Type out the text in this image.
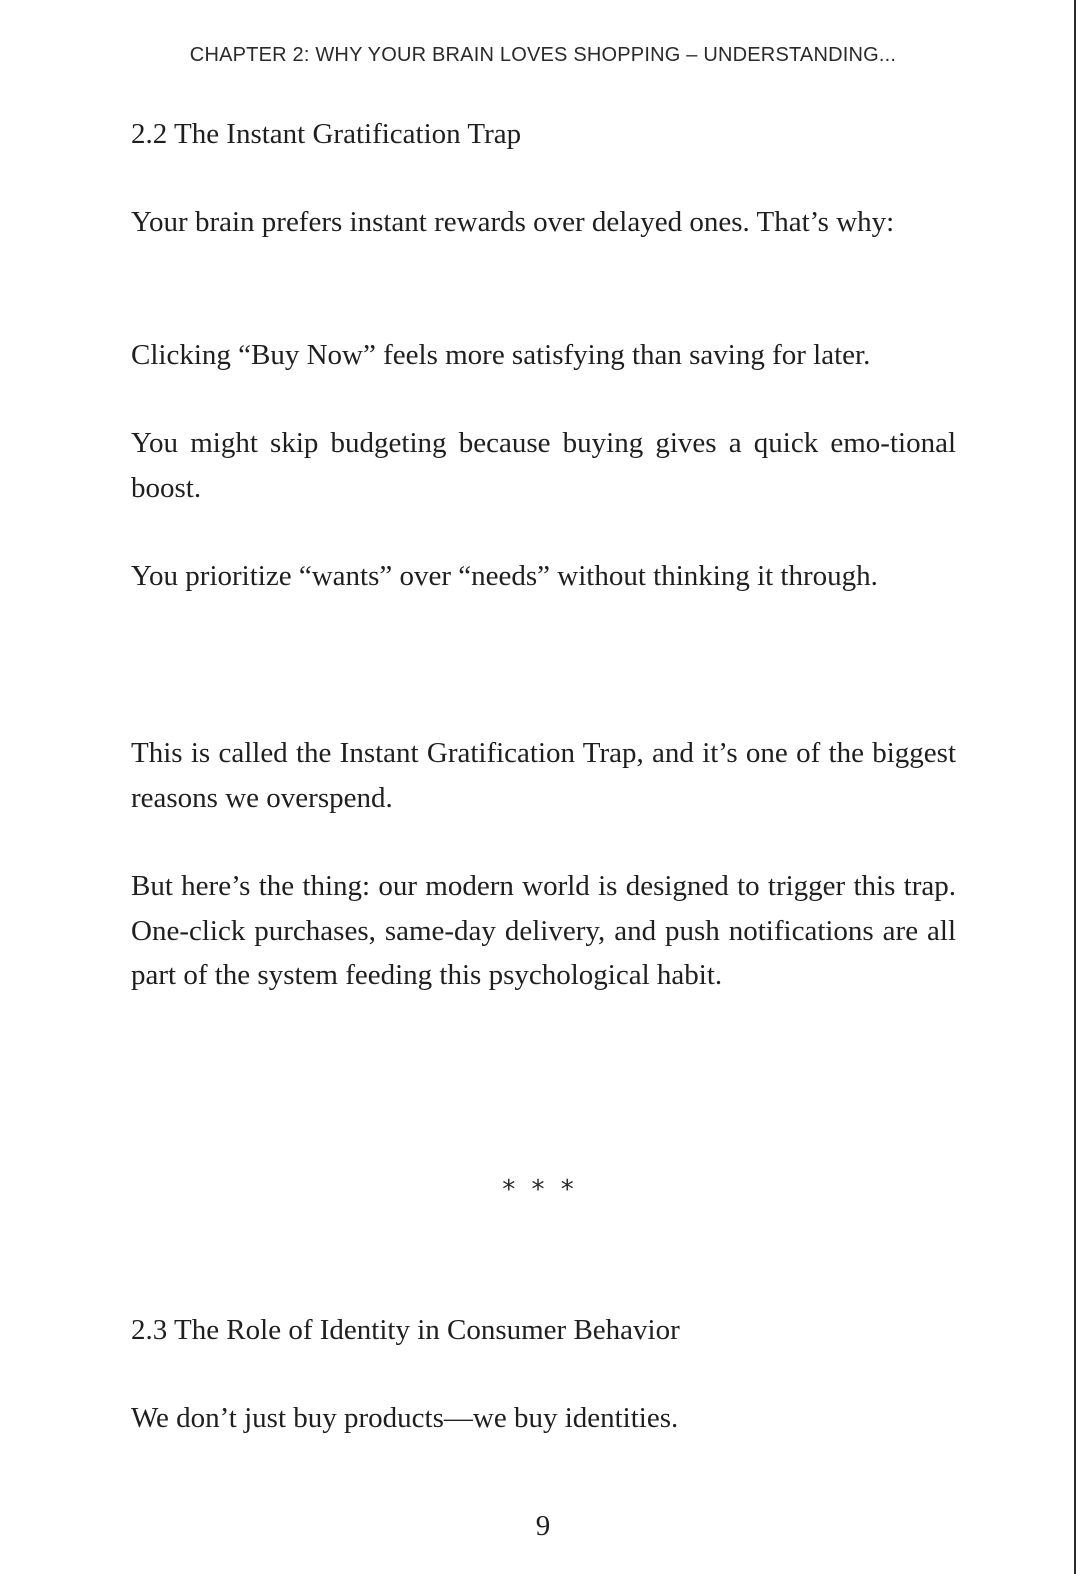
CHAPTER 2: WHY YOUR BRAIN LOVES SHOPPING – UNDERSTANDING...
2.2 The Instant Gratification Trap

Your brain prefers instant rewards over delayed ones. That’s why:

Clicking “Buy Now” feels more satisfying than saving for later.

You might skip budgeting because buying gives a quick emo-tional boost.

You prioritize “wants” over “needs” without thinking it through.

This is called the Instant Gratification Trap, and it’s one of the biggest reasons we overspend.

But here’s the thing: our modern world is designed to trigger this trap. One-click purchases, same-day delivery, and push notifications are all part of the system feeding this psychological habit.

* * *
2.3 The Role of Identity in Consumer Behavior

We don’t just buy products—we buy identities.

9
